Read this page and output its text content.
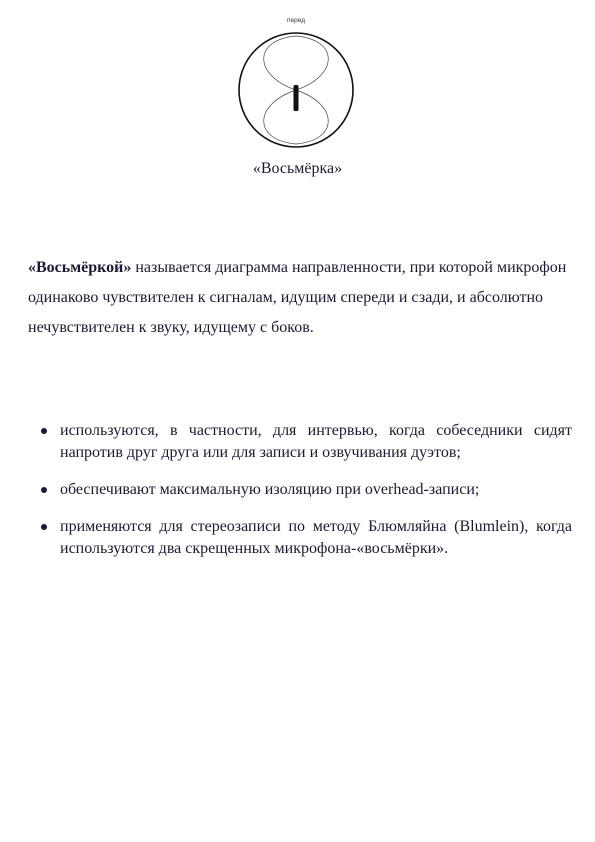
перед
«Восьмёрка»

«Восьмёркой» называется диаграмма направленности, при которой микрофон одинаково чувствителен к сигналам, идущим спереди и сзади, и абсолютно нечувствителен к звуку, идущему с боков.

используются, в частности, для интервью, когда собеседники сидят напротив друг друга или для записи и озвучивания дуэтов;
обеспечивают максимальную изоляцию при overhead-записи;
применяются для стереозаписи по методу Блюмляйна (Blumlein), когда используются два скрещенных микрофона-«восьмёрки».
